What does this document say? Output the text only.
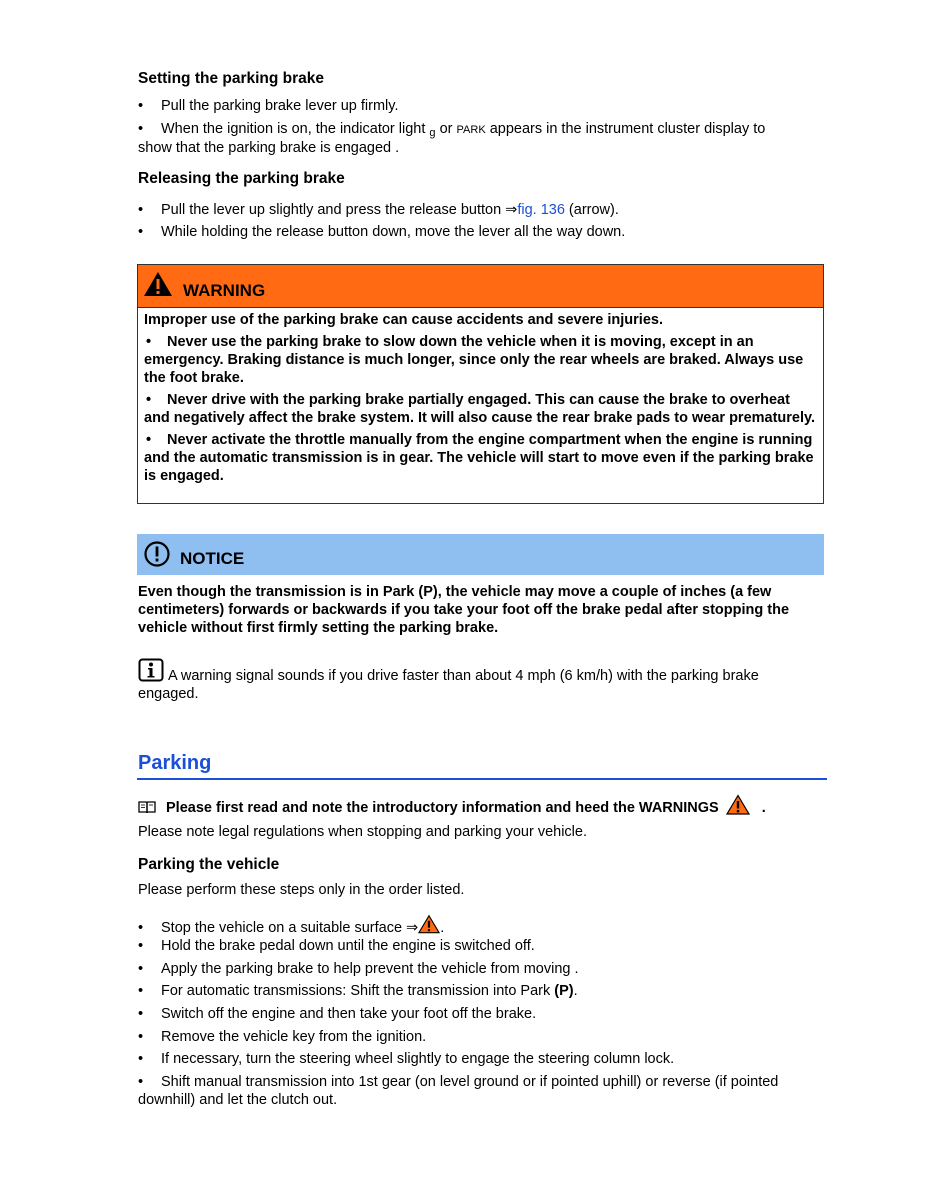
Setting the parking brake
• Pull the parking brake lever up firmly.
• When the ignition is on, the indicator light $_g$ or PARK appears in the instrument cluster display to
show that the parking brake is engaged .
Releasing the parking brake
• Pull the lever up slightly and press the release button ⇒fig. 136 (arrow).
• While holding the release button down, move the lever all the way down.
WARNING

Improper use of the parking brake can cause accidents and severe injuries.

• Never use the parking brake to slow down the vehicle when it is moving, except in an emergency. Braking distance is much longer, since only the rear wheels are braked. Always use the foot brake.

• Never drive with the parking brake partially engaged. This can cause the brake to overheat and negatively affect the brake system. It will also cause the rear brake pads to wear prematurely.

• Never activate the throttle manually from the engine compartment when the engine is running and the automatic transmission is in gear. The vehicle will start to move even if the parking brake is engaged.

NOTICE
Even though the transmission is in Park (P), the vehicle may move a couple of inches (a few centimeters) forwards or backwards if you take your foot off the brake pedal after stopping the vehicle without first firmly setting the parking brake.
A warning signal sounds if you drive faster than about 4 mph (6 km/h) with the parking brake
engaged.
Parking
Please first read and note the introductory information and heed the WARNINGS	.
Please note legal regulations when stopping and parking your vehicle.
Parking the vehicle
Please perform these steps only in the order listed.
• Stop the vehicle on a suitable surface ⇒ .
• Hold the brake pedal down until the engine is switched off.
• Apply the parking brake to help prevent the vehicle from moving .
• For automatic transmissions: Shift the transmission into Park (P).
• Switch off the engine and then take your foot off the brake.
• Remove the vehicle key from the ignition.
• If necessary, turn the steering wheel slightly to engage the steering column lock.
• Shift manual transmission into 1st gear (on level ground or if pointed uphill) or reverse (if pointed
downhill) and let the clutch out.
